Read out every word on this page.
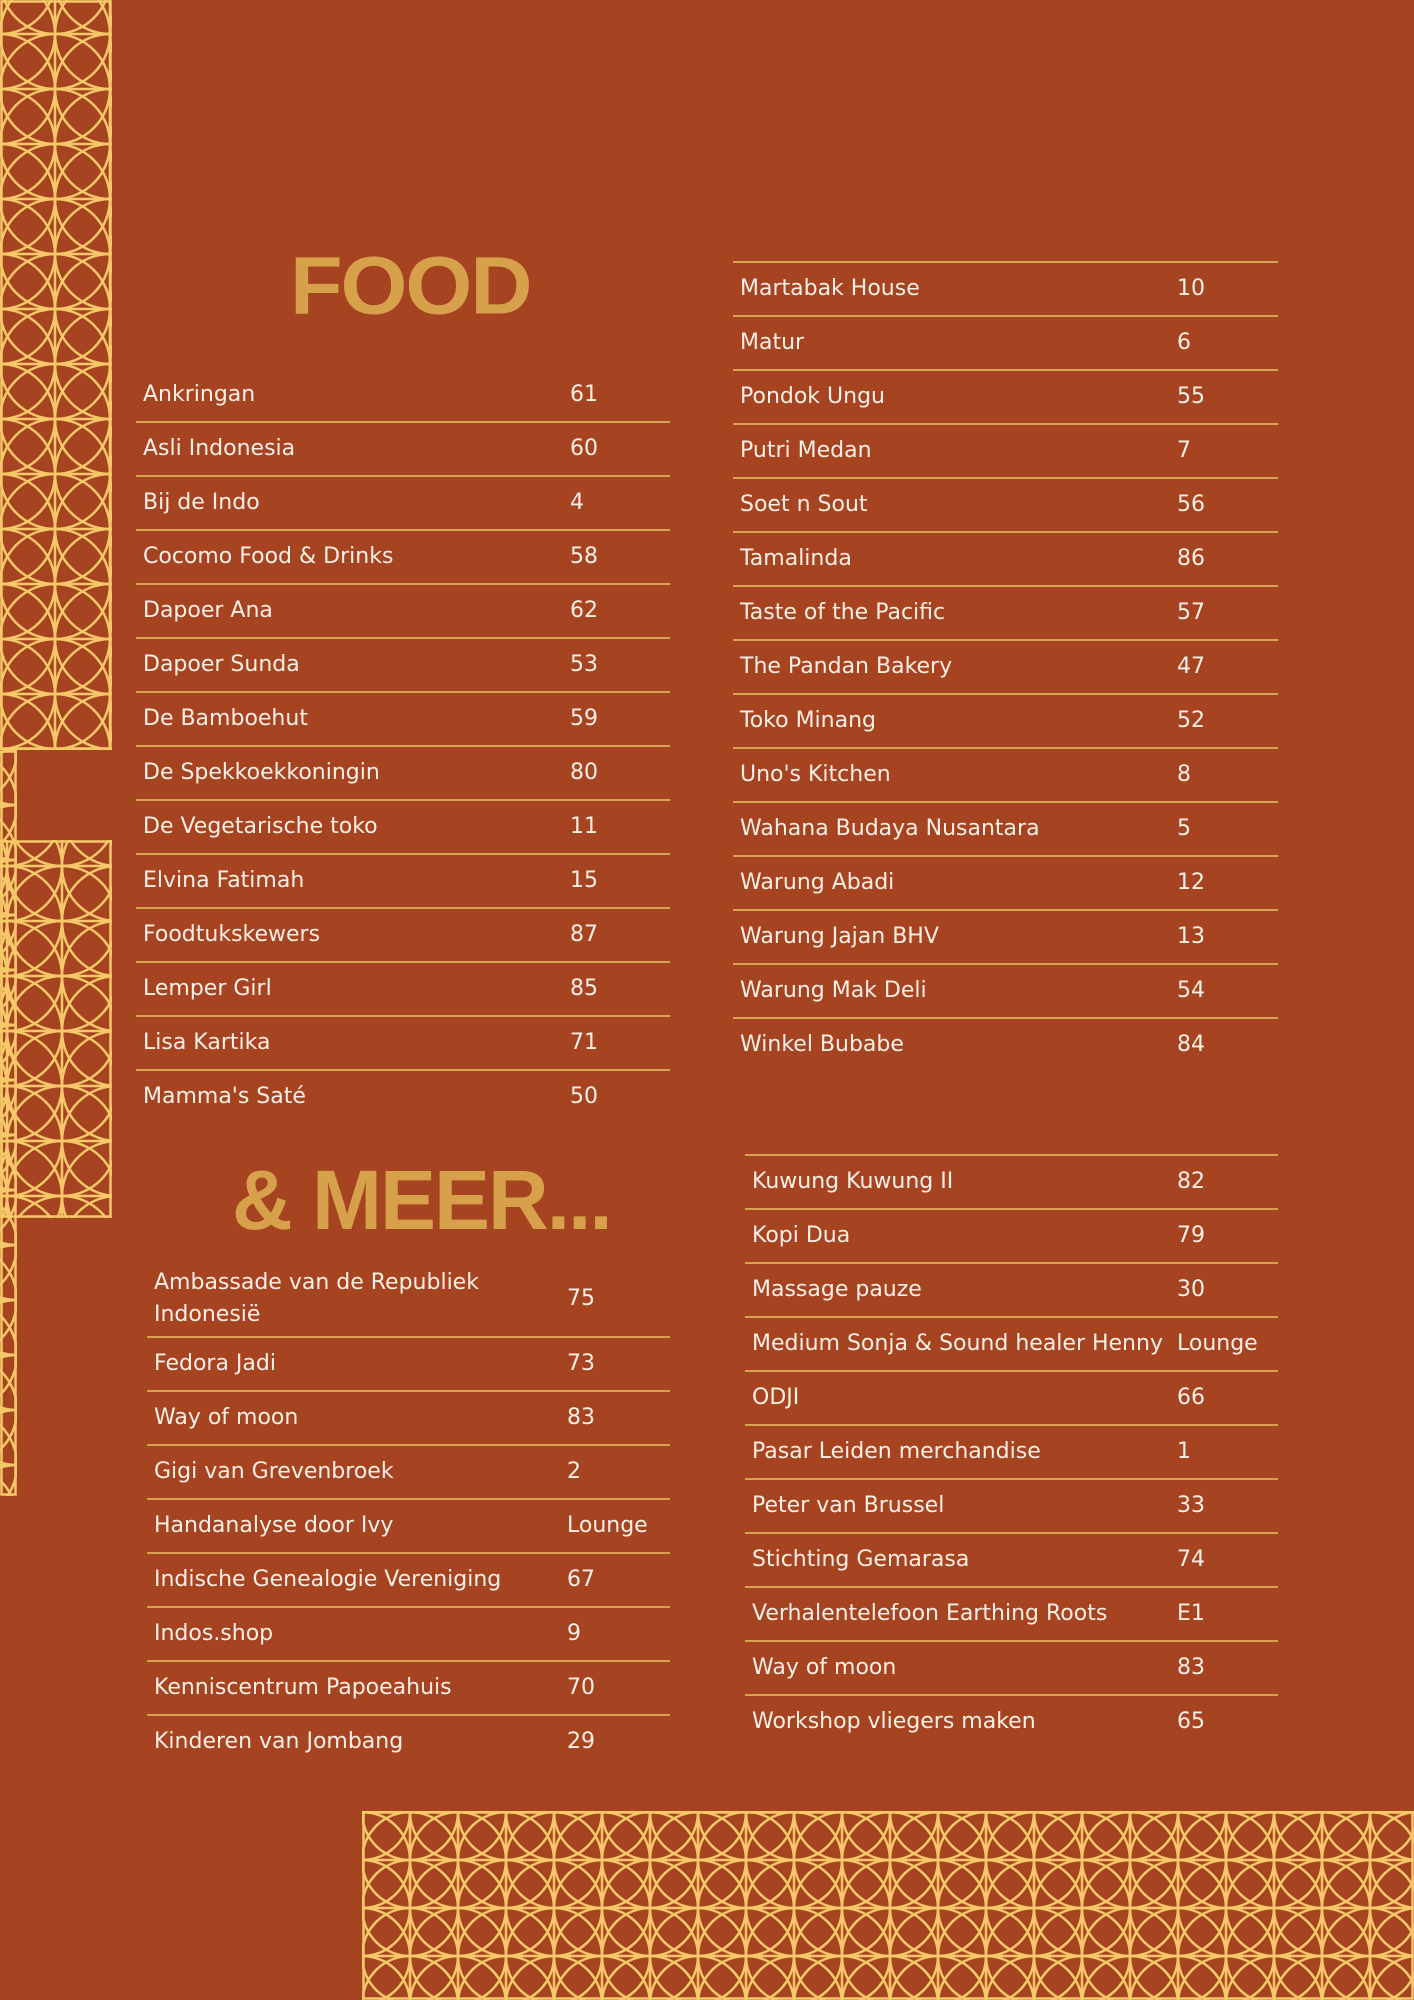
FOOD
& MEER...
Ankringan	61
Asli Indonesia	60
Bij de Indo	4
Cocomo Food & Drinks	58
Dapoer Ana	62
Dapoer Sunda	53
De Bamboehut	59
De Spekkoekkoningin	80
De Vegetarische toko	11
Elvina Fatimah	15
Foodtukskewers	87
Lemper Girl	85
Lisa Kartika	71
Mamma's Saté	50
Martabak House	10
Matur	6
Pondok Ungu	55
Putri Medan	7
Soet n Sout	56
Tamalinda	86
Taste of the Pacific	57
The Pandan Bakery	47
Toko Minang	52
Uno's Kitchen	8
Wahana Budaya Nusantara	5
Warung Abadi	12
Warung Jajan BHV	13
Warung Mak Deli	54
Winkel Bubabe	84
Ambassade van de Republiek Indonesië	75
Fedora Jadi	73
Way of moon	83
Gigi van Grevenbroek	2
Handanalyse door Ivy	Lounge
Indische Genealogie Vereniging	67
Indos.shop	9
Kenniscentrum Papoeahuis	70
Kinderen van Jombang	29
Kuwung Kuwung II	82
Kopi Dua	79
Massage pauze	30
Medium Sonja & Sound healer Henny	Lounge
ODJI	66
Pasar Leiden merchandise	1
Peter van Brussel	33
Stichting Gemarasa	74
Verhalentelefoon Earthing Roots	E1
Way of moon	83
Workshop vliegers maken	65
